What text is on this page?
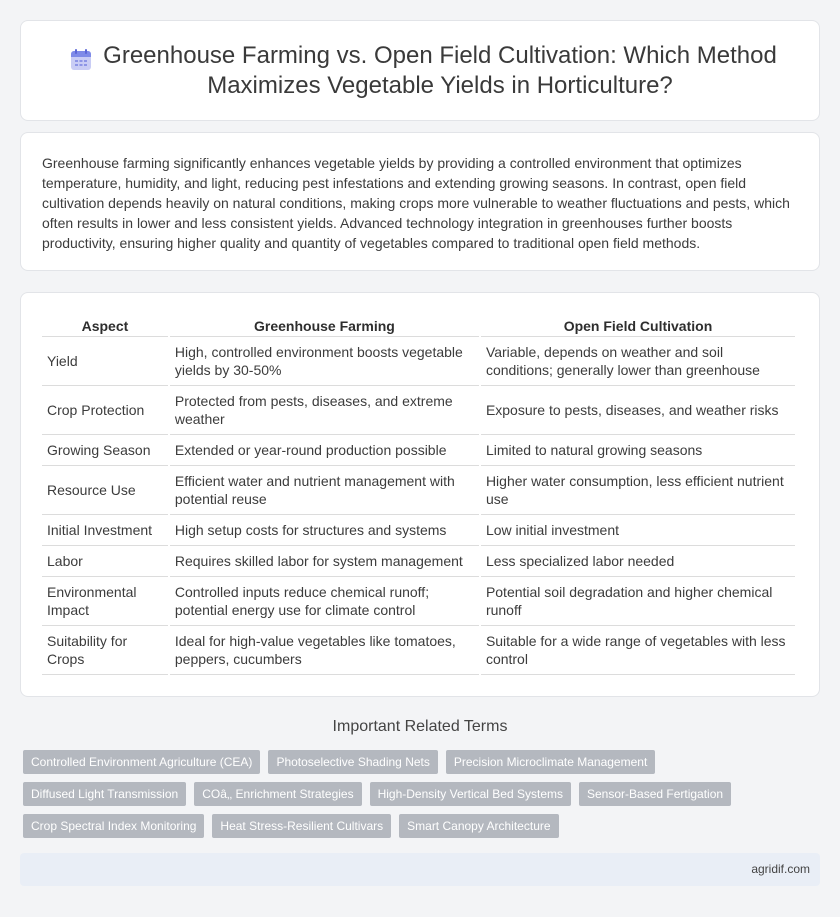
Greenhouse Farming vs. Open Field Cultivation: Which Method Maximizes Vegetable Yields in Horticulture?

Greenhouse farming significantly enhances vegetable yields by providing a controlled environment that optimizes temperature, humidity, and light, reducing pest infestations and extending growing seasons. In contrast, open field cultivation depends heavily on natural conditions, making crops more vulnerable to weather fluctuations and pests, which often results in lower and less consistent yields. Advanced technology integration in greenhouses further boosts productivity, ensuring higher quality and quantity of vegetables compared to traditional open field methods.

Aspect	Greenhouse Farming	Open Field Cultivation
Yield	High, controlled environment boosts vegetable yields by 30-50%	Variable, depends on weather and soil conditions; generally lower than greenhouse
Crop Protection	Protected from pests, diseases, and extreme weather	Exposure to pests, diseases, and weather risks
Growing Season	Extended or year-round production possible	Limited to natural growing seasons
Resource Use	Efficient water and nutrient management with potential reuse	Higher water consumption, less efficient nutrient use
Initial Investment	High setup costs for structures and systems	Low initial investment
Labor	Requires skilled labor for system management	Less specialized labor needed
Environmental Impact	Controlled inputs reduce chemical runoff; potential energy use for climate control	Potential soil degradation and higher chemical runoff
Suitability for Crops	Ideal for high-value vegetables like tomatoes, peppers, cucumbers	Suitable for a wide range of vegetables with less control
Important Related Terms
Controlled Environment Agriculture (CEA)	Photoselective Shading Nets	Precision Microclimate Management
Diffused Light Transmission	COâ‚‚ Enrichment Strategies	High-Density Vertical Bed Systems	Sensor-Based Fertigation
Crop Spectral Index Monitoring	Heat Stress-Resilient Cultivars	Smart Canopy Architecture
agridif.com
